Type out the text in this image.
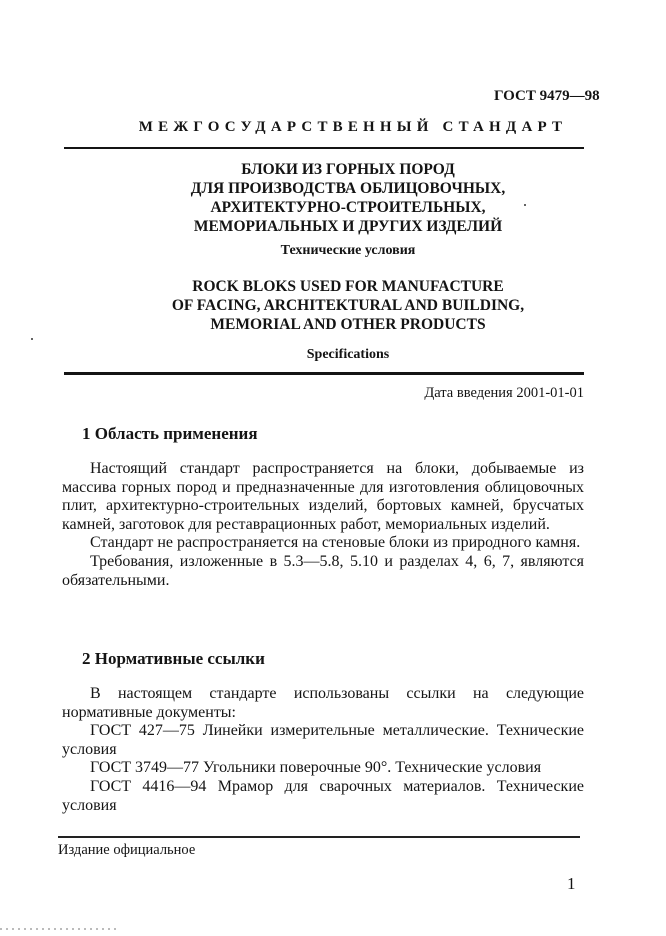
ГОСТ 9479—98
МЕЖГОСУДАРСТВЕННЫЙ СТАНДАРТ
БЛОКИ ИЗ ГОРНЫХ ПОРОД
ДЛЯ ПРОИЗВОДСТВА ОБЛИЦОВОЧНЫХ,
АРХИТЕКТУРНО-СТРОИТЕЛЬНЫХ,
МЕМОРИАЛЬНЫХ И ДРУГИХ ИЗДЕЛИЙ
Технические условия
ROCK BLOKS USED FOR MANUFACTURE
OF FACING, ARCHITEKTURAL AND BUILDING,
MEMORIAL AND OTHER PRODUCTS
Specifications
Дата введения 2001-01-01
1 Область применения

Настоящий стандарт распространяется на блоки, добываемые из массива горных пород и предназначенные для изготовления облицовочных плит, архитектурно-строительных изделий, бортовых камней, брусчатых камней, заготовок для реставрационных работ, мемориальных изделий.

Стандарт не распространяется на стеновые блоки из природного камня.

Требования, изложенные в 5.3—5.8, 5.10 и разделах 4, 6, 7, являются обязательными.

2 Нормативные ссылки

В настоящем стандарте использованы ссылки на следующие нормативные документы:

ГОСТ 427—75 Линейки измерительные металлические. Технические условия

ГОСТ 3749—77 Угольники поверочные 90°. Технические условия

ГОСТ 4416—94 Мрамор для сварочных материалов. Технические условия

Издание официальное
1
